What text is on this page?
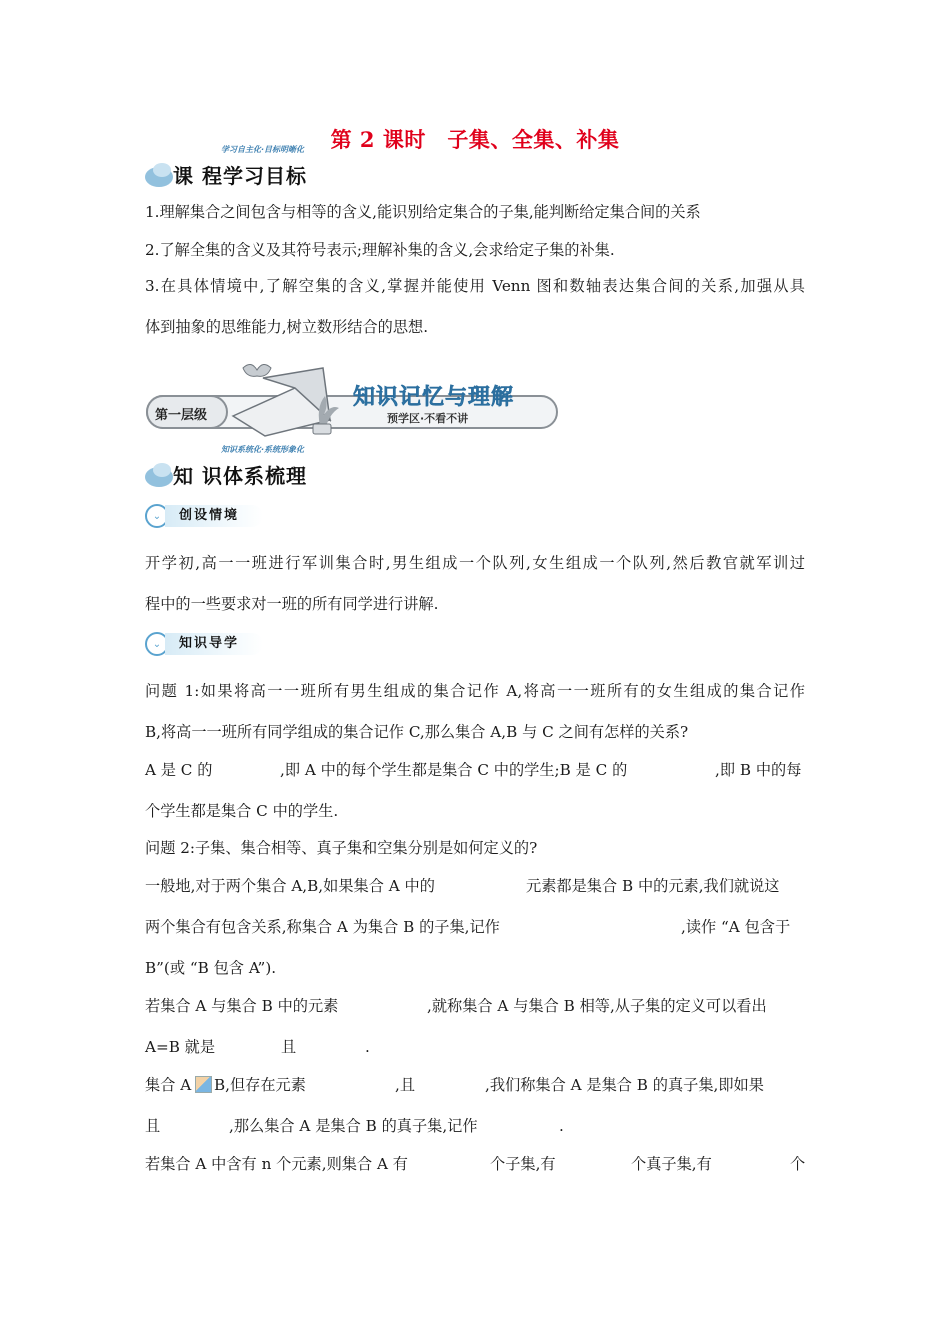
第 2 课时　子集、全集、补集
学习自主化·目标明晰化
课 程学习目标
1.理解集合之间包含与相等的含义,能识别给定集合的子集,能判断给定集合间的关系
2.了解全集的含义及其符号表示;理解补集的含义,会求给定子集的补集.
3.在具体情境中,了解空集的含义,掌握并能使用 Venn 图和数轴表达集合间的关系,加强从具
体到抽象的思维能力,树立数形结合的思想.
第一层级
知识记忆与理解
预学区·不看不讲
知识系统化·系统形象化
知 识体系梳理
⌄	创设情境
开学初,高一一班进行军训集合时,男生组成一个队列,女生组成一个队列,然后教官就军训过
程中的一些要求对一班的所有同学进行讲解.
⌄	知识导学
问题 1:如果将高一一班所有男生组成的集合记作 A,将高一一班所有的女生组成的集合记作
B,将高一一班所有同学组成的集合记作 C,那么集合 A,B 与 C 之间有怎样的关系?
A 是 C 的	,即 A 中的每个学生都是集合 C 中的学生;B 是 C 的	,即 B 中的每
个学生都是集合 C 中的学生.
问题 2:子集、集合相等、真子集和空集分别是如何定义的?
一般地,对于两个集合 A,B,如果集合 A 中的	元素都是集合 B 中的元素,我们就说这
两个集合有包含关系,称集合 A 为集合 B 的子集,记作	,读作 “A 包含于
B”(或 “B 包含 A”).
若集合 A 与集合 B 中的元素	,就称集合 A 与集合 B 相等,从子集的定义可以看出
A=B 就是	且	.
集合 A B,但存在元素	,且	,我们称集合 A 是集合 B 的真子集,即如果
且	,那么集合 A 是集合 B 的真子集,记作	.
若集合 A 中含有 n 个元素,则集合 A 有	个子集,有	个真子集,有	个
